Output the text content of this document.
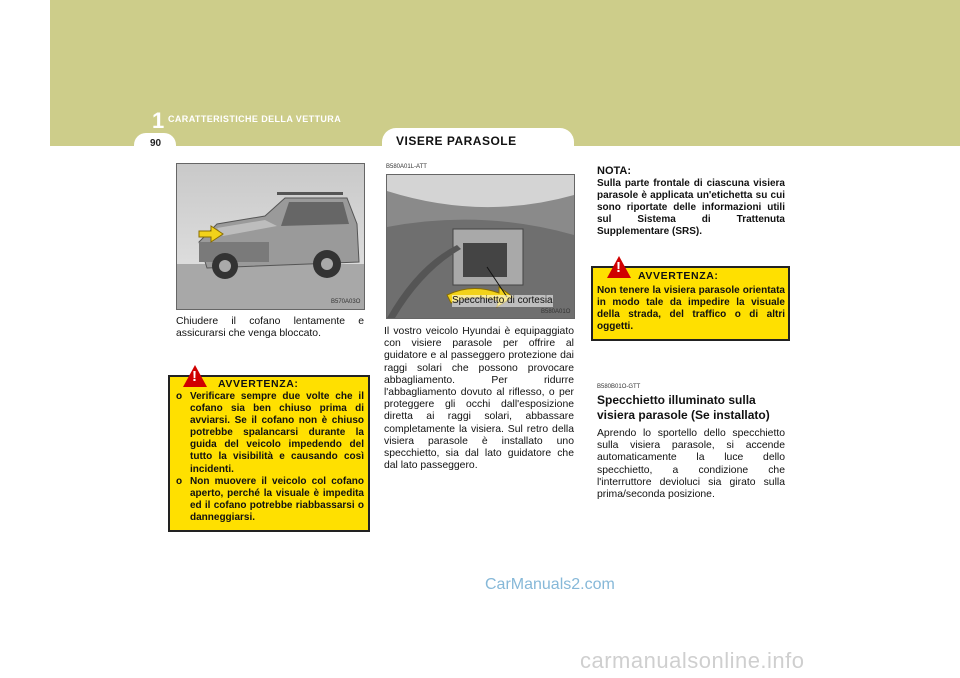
1 CARATTERISTICHE DELLA VETTURA
90	VISERE PARASOLE
B570A03O
Chiudere il cofano lentamente e assicurarsi che venga bloccato.
! AVVERTENZA:
o Verificare sempre due volte che il cofano sia ben chiuso prima di avviarsi. Se il cofano non è chiuso potrebbe spalancarsi durante la guida del veicolo impedendo del tutto la visibilità e causando così incidenti.
o Non muovere il veicolo col cofano aperto, perché la visuale è impedita ed il cofano potrebbe riabbassarsi o danneggiarsi.
B580A01L-ATT
Specchietto di cortesia
B580A01O
Il vostro veicolo Hyundai è equipaggiato con visiere parasole per offrire al guidatore e al passeggero protezione dai raggi solari che possono provocare abbagliamento. Per ridurre l'abbagliamento dovuto al riflesso, o per proteggere gli occhi dall'esposizione diretta ai raggi solari, abbassare completamente la visiera. Sul retro della visiera parasole è installato uno specchietto, sia dal lato guidatore che dal lato passeggero.
NOTA:
Sulla parte frontale di ciascuna visiera parasole è applicata un'etichetta su cui sono riportate delle informazioni utili sul Sistema di Trattenuta Supplementare (SRS).
! AVVERTENZA:
Non tenere la visiera parasole orientata in modo tale da impedire la visuale della strada, del traffico o di altri oggetti.
B580B01O-GTT
Specchietto illuminato sulla visiera parasole (Se installato)
Aprendo lo sportello dello specchietto sulla visiera parasole, si accende automaticamente la luce dello specchietto, a condizione che l'interruttore devioluci sia girato sulla prima/seconda posizione.
CarManuals2.com
carmanualsonline.info
